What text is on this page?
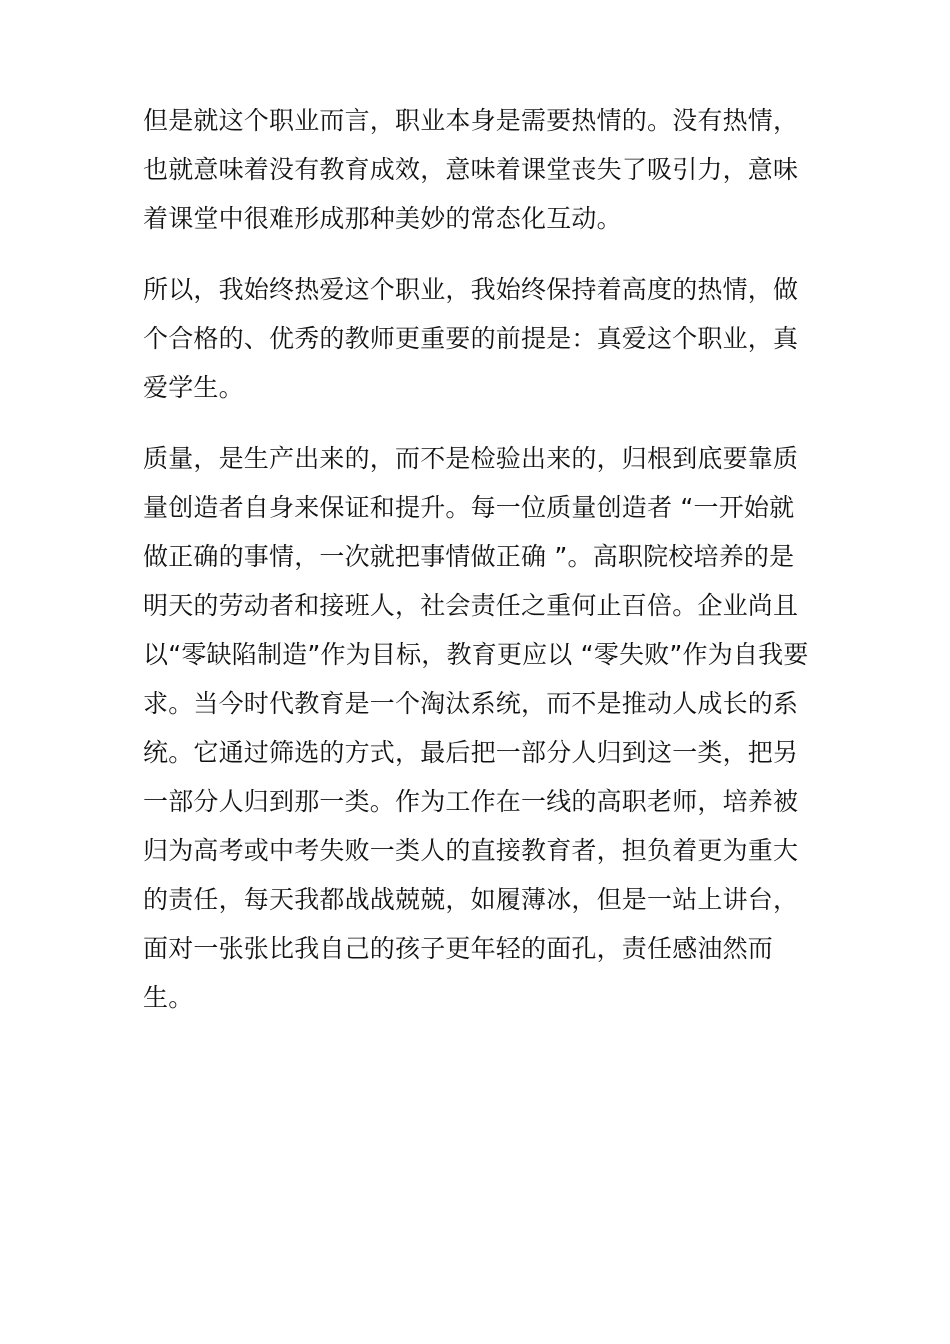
但是就这个职业而言，职业本身是需要热情的。没有热情，
也就意味着没有教育成效，意味着课堂丧失了吸引力，意味
着课堂中很难形成那种美妙的常态化互动。
所以，我始终热爱这个职业，我始终保持着高度的热情，做
个合格的、优秀的教师更重要的前提是：真爱这个职业，真
爱学生。
质量，是生产出来的，而不是检验出来的，归根到底要靠质
量创造者自身来保证和提升。每一位质量创造者 “一开始就
做正确的事情，一次就把事情做正确 ”。高职院校培养的是
明天的劳动者和接班人，社会责任之重何止百倍。企业尚且
以“零缺陷制造”作为目标，教育更应以 “零失败”作为自我要
求。当今时代教育是一个淘汰系统，而不是推动人成长的系
统。它通过筛选的方式，最后把一部分人归到这一类，把另
一部分人归到那一类。作为工作在一线的高职老师，培养被
归为高考或中考失败一类人的直接教育者，担负着更为重大
的责任，每天我都战战兢兢，如履薄冰，但是一站上讲台，
面对一张张比我自己的孩子更年轻的面孔，责任感油然而
生。
